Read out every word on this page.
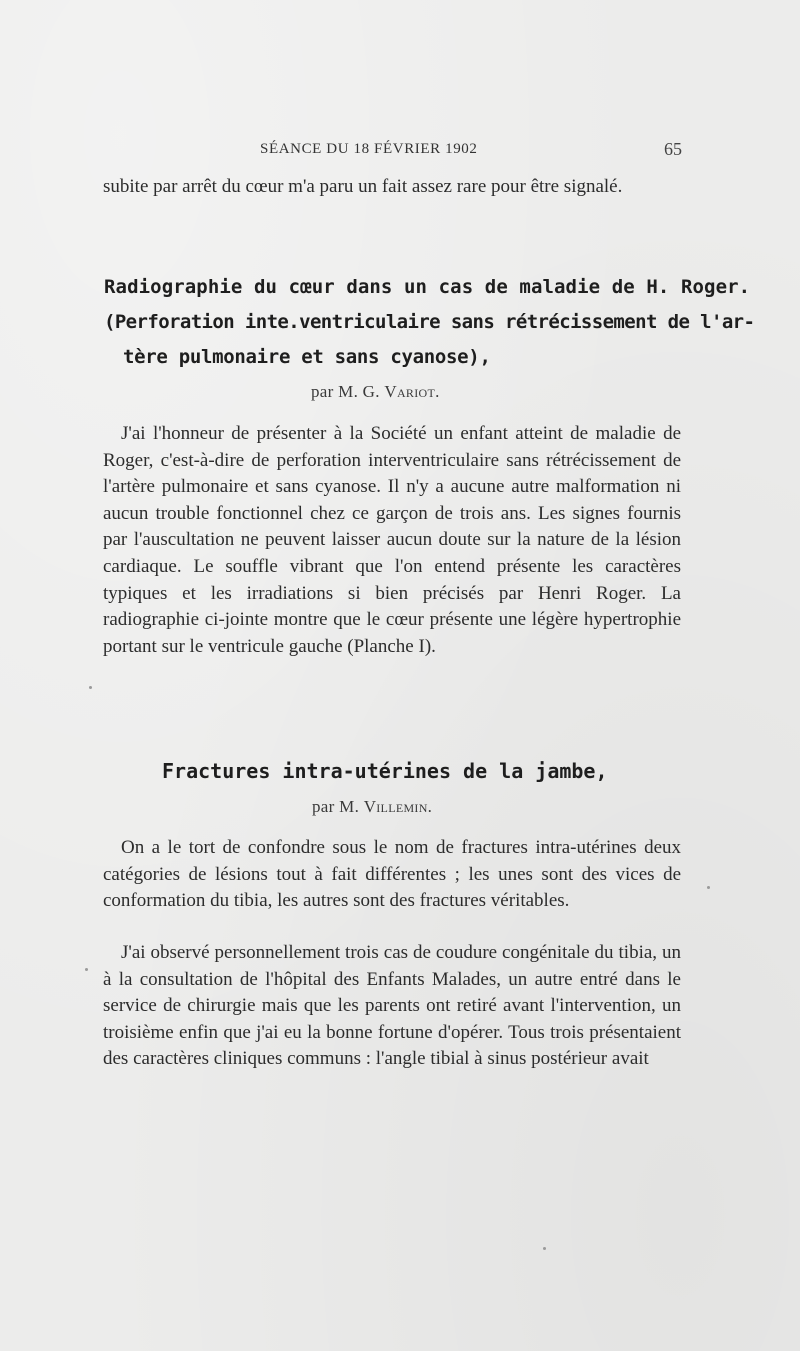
SÉANCE DU 18 FÉVRIER 1902	65

subite par arrêt du cœur m'a paru un fait assez rare pour être signalé.

Radiographie du cœur dans un cas de maladie de H. Roger.

(Perforation inte.ventriculaire sans rétrécissement de l'ar-

tère pulmonaire et sans cyanose),

par M. G. Variot.

J'ai l'honneur de présenter à la Société un enfant atteint de maladie de Roger, c'est-à-dire de perforation interventriculaire sans rétrécissement de l'artère pulmonaire et sans cyanose. Il n'y a aucune autre malformation ni aucun trouble fonctionnel chez ce garçon de trois ans. Les signes fournis par l'auscultation ne peuvent laisser aucun doute sur la nature de la lésion cardiaque. Le souffle vibrant que l'on entend présente les caractères typiques et les irradiations si bien précisés par Henri Roger. La radiographie ci-jointe montre que le cœur présente une légère hypertrophie portant sur le ventricule gauche (Planche I).

Fractures intra-utérines de la jambe,

par M. Villemin.

On a le tort de confondre sous le nom de fractures intra-utérines deux catégories de lésions tout à fait différentes ; les unes sont des vices de conformation du tibia, les autres sont des fractures véritables.

J'ai observé personnellement trois cas de coudure congénitale du tibia, un à la consultation de l'hôpital des Enfants Malades, un autre entré dans le service de chirurgie mais que les parents ont retiré avant l'intervention, un troisième enfin que j'ai eu la bonne fortune d'opérer. Tous trois présentaient des caractères cliniques communs : l'angle tibial à sinus postérieur avait
